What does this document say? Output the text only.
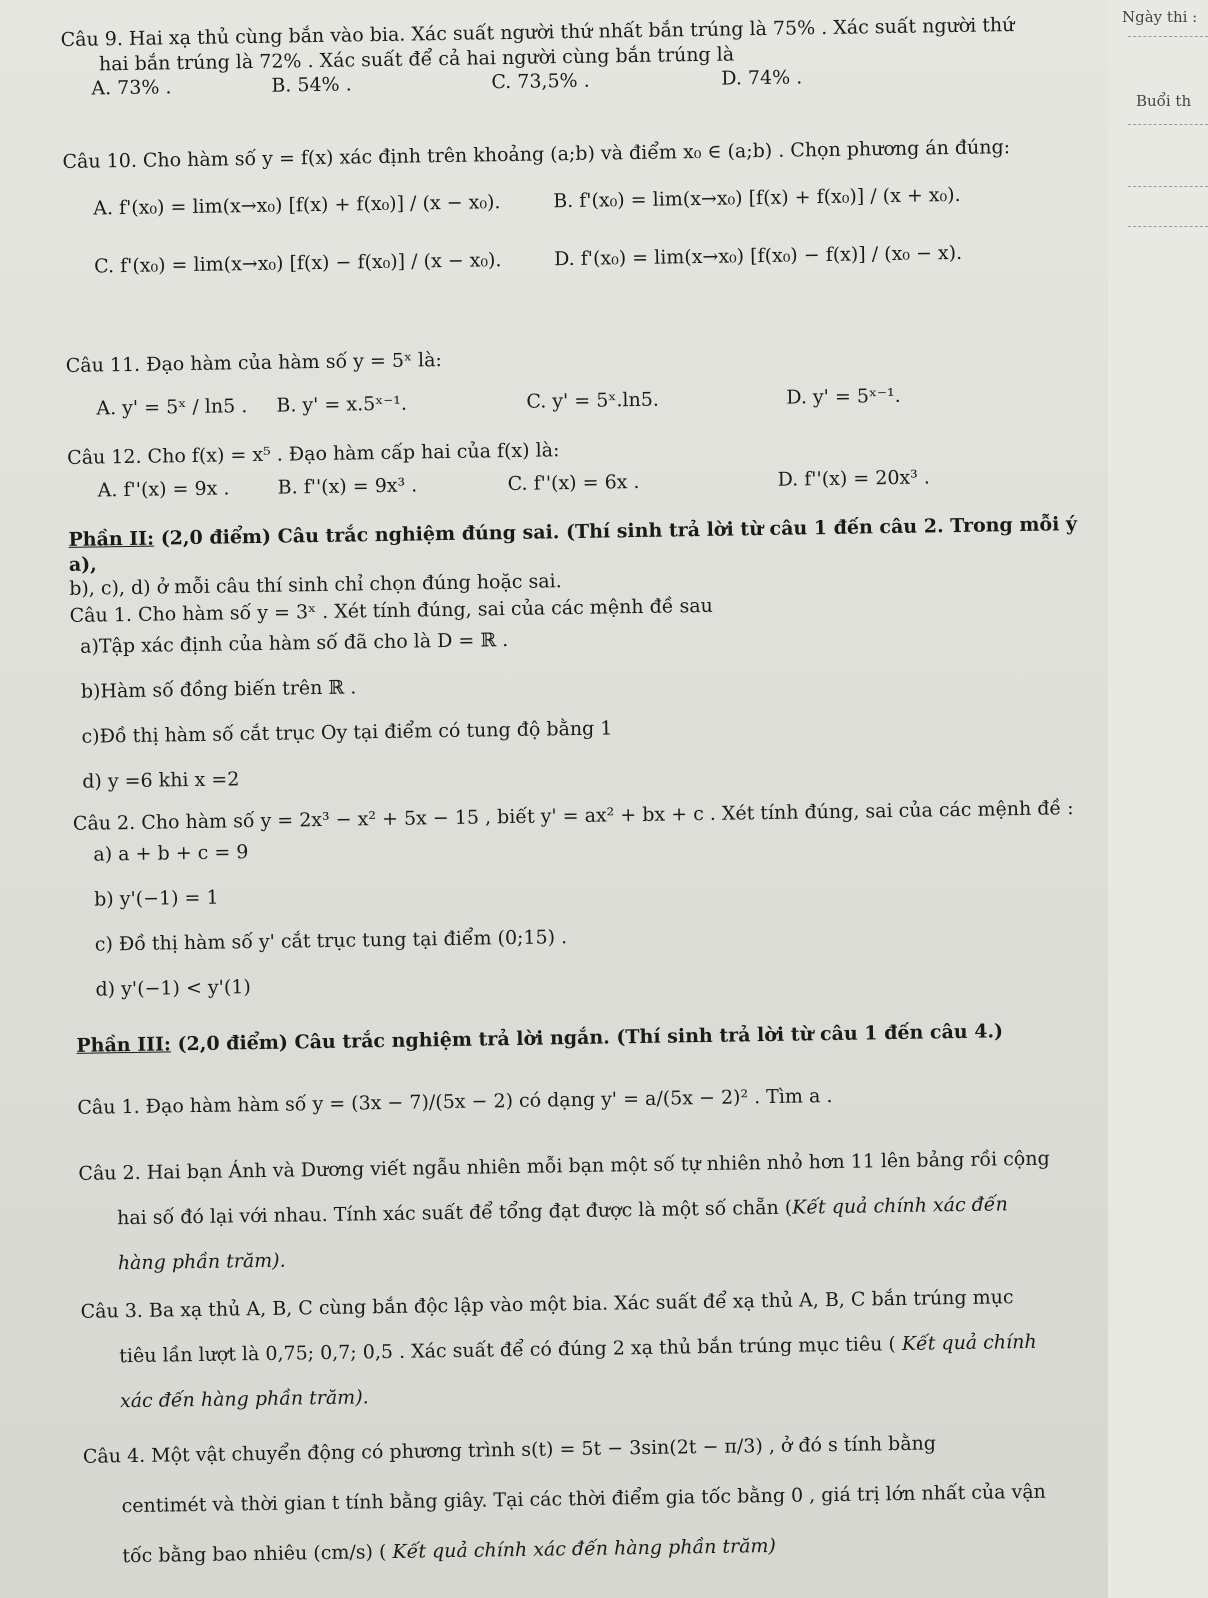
Ngày thi :
Buổi th
Câu 9. Hai xạ thủ cùng bắn vào bia. Xác suất người thứ nhất bắn trúng là 75% . Xác suất người thứ
hai bắn trúng là 72% . Xác suất để cả hai người cùng bắn trúng là
A. 73% .	B. 54% .	C. 73,5% .	D. 74% .
Câu 10. Cho hàm số y = f(x) xác định trên khoảng (a;b) và điểm x₀ ∈ (a;b) . Chọn phương án đúng:
A. f'(x₀) = lim(x→x₀) [f(x) + f(x₀)] / (x − x₀).	B. f'(x₀) = lim(x→x₀) [f(x) + f(x₀)] / (x + x₀).
C. f'(x₀) = lim(x→x₀) [f(x) − f(x₀)] / (x − x₀).	D. f'(x₀) = lim(x→x₀) [f(x₀) − f(x)] / (x₀ − x).
Câu 11. Đạo hàm của hàm số y = 5ˣ là:
A. y' = 5ˣ / ln5 .	B. y' = x.5ˣ⁻¹.	C. y' = 5ˣ.ln5.	D. y' = 5ˣ⁻¹.
Câu 12. Cho f(x) = x⁵ . Đạo hàm cấp hai của f(x) là:
A. f''(x) = 9x .	B. f''(x) = 9x³ .	C. f''(x) = 6x .	D. f''(x) = 20x³ .
Phần II: (2,0 điểm) Câu trắc nghiệm đúng sai. (Thí sinh trả lời từ câu 1 đến câu 2. Trong mỗi ý a),
b), c), d) ở mỗi câu thí sinh chỉ chọn đúng hoặc sai.
Câu 1. Cho hàm số y = 3ˣ . Xét tính đúng, sai của các mệnh đề sau
a)Tập xác định của hàm số đã cho là D = ℝ .
b)Hàm số đồng biến trên ℝ .
c)Đồ thị hàm số cắt trục Oy tại điểm có tung độ bằng 1
d) y =6 khi x =2
Câu 2. Cho hàm số y = 2x³ − x² + 5x − 15 , biết y' = ax² + bx + c . Xét tính đúng, sai của các mệnh đề :
a) a + b + c = 9
b) y'(−1) = 1
c) Đồ thị hàm số y' cắt trục tung tại điểm (0;15) .
d) y'(−1) < y'(1)
Phần III: (2,0 điểm) Câu trắc nghiệm trả lời ngắn. (Thí sinh trả lời từ câu 1 đến câu 4.)
Câu 1. Đạo hàm hàm số y = (3x − 7)/(5x − 2) có dạng y' = a/(5x − 2)² . Tìm a .
Câu 2. Hai bạn Ánh và Dương viết ngẫu nhiên mỗi bạn một số tự nhiên nhỏ hơn 11 lên bảng rồi cộng
hai số đó lại với nhau. Tính xác suất để tổng đạt được là một số chẵn (Kết quả chính xác đến
hàng phần trăm).
Câu 3. Ba xạ thủ A, B, C cùng bắn độc lập vào một bia. Xác suất để xạ thủ A, B, C bắn trúng mục
tiêu lần lượt là 0,75; 0,7; 0,5 . Xác suất để có đúng 2 xạ thủ bắn trúng mục tiêu ( Kết quả chính
xác đến hàng phần trăm).
Câu 4. Một vật chuyển động có phương trình s(t) = 5t − 3sin(2t − π/3) , ở đó s tính bằng
centimét và thời gian t tính bằng giây. Tại các thời điểm gia tốc bằng 0 , giá trị lớn nhất của vận
tốc bằng bao nhiêu (cm/s) ( Kết quả chính xác đến hàng phần trăm)
